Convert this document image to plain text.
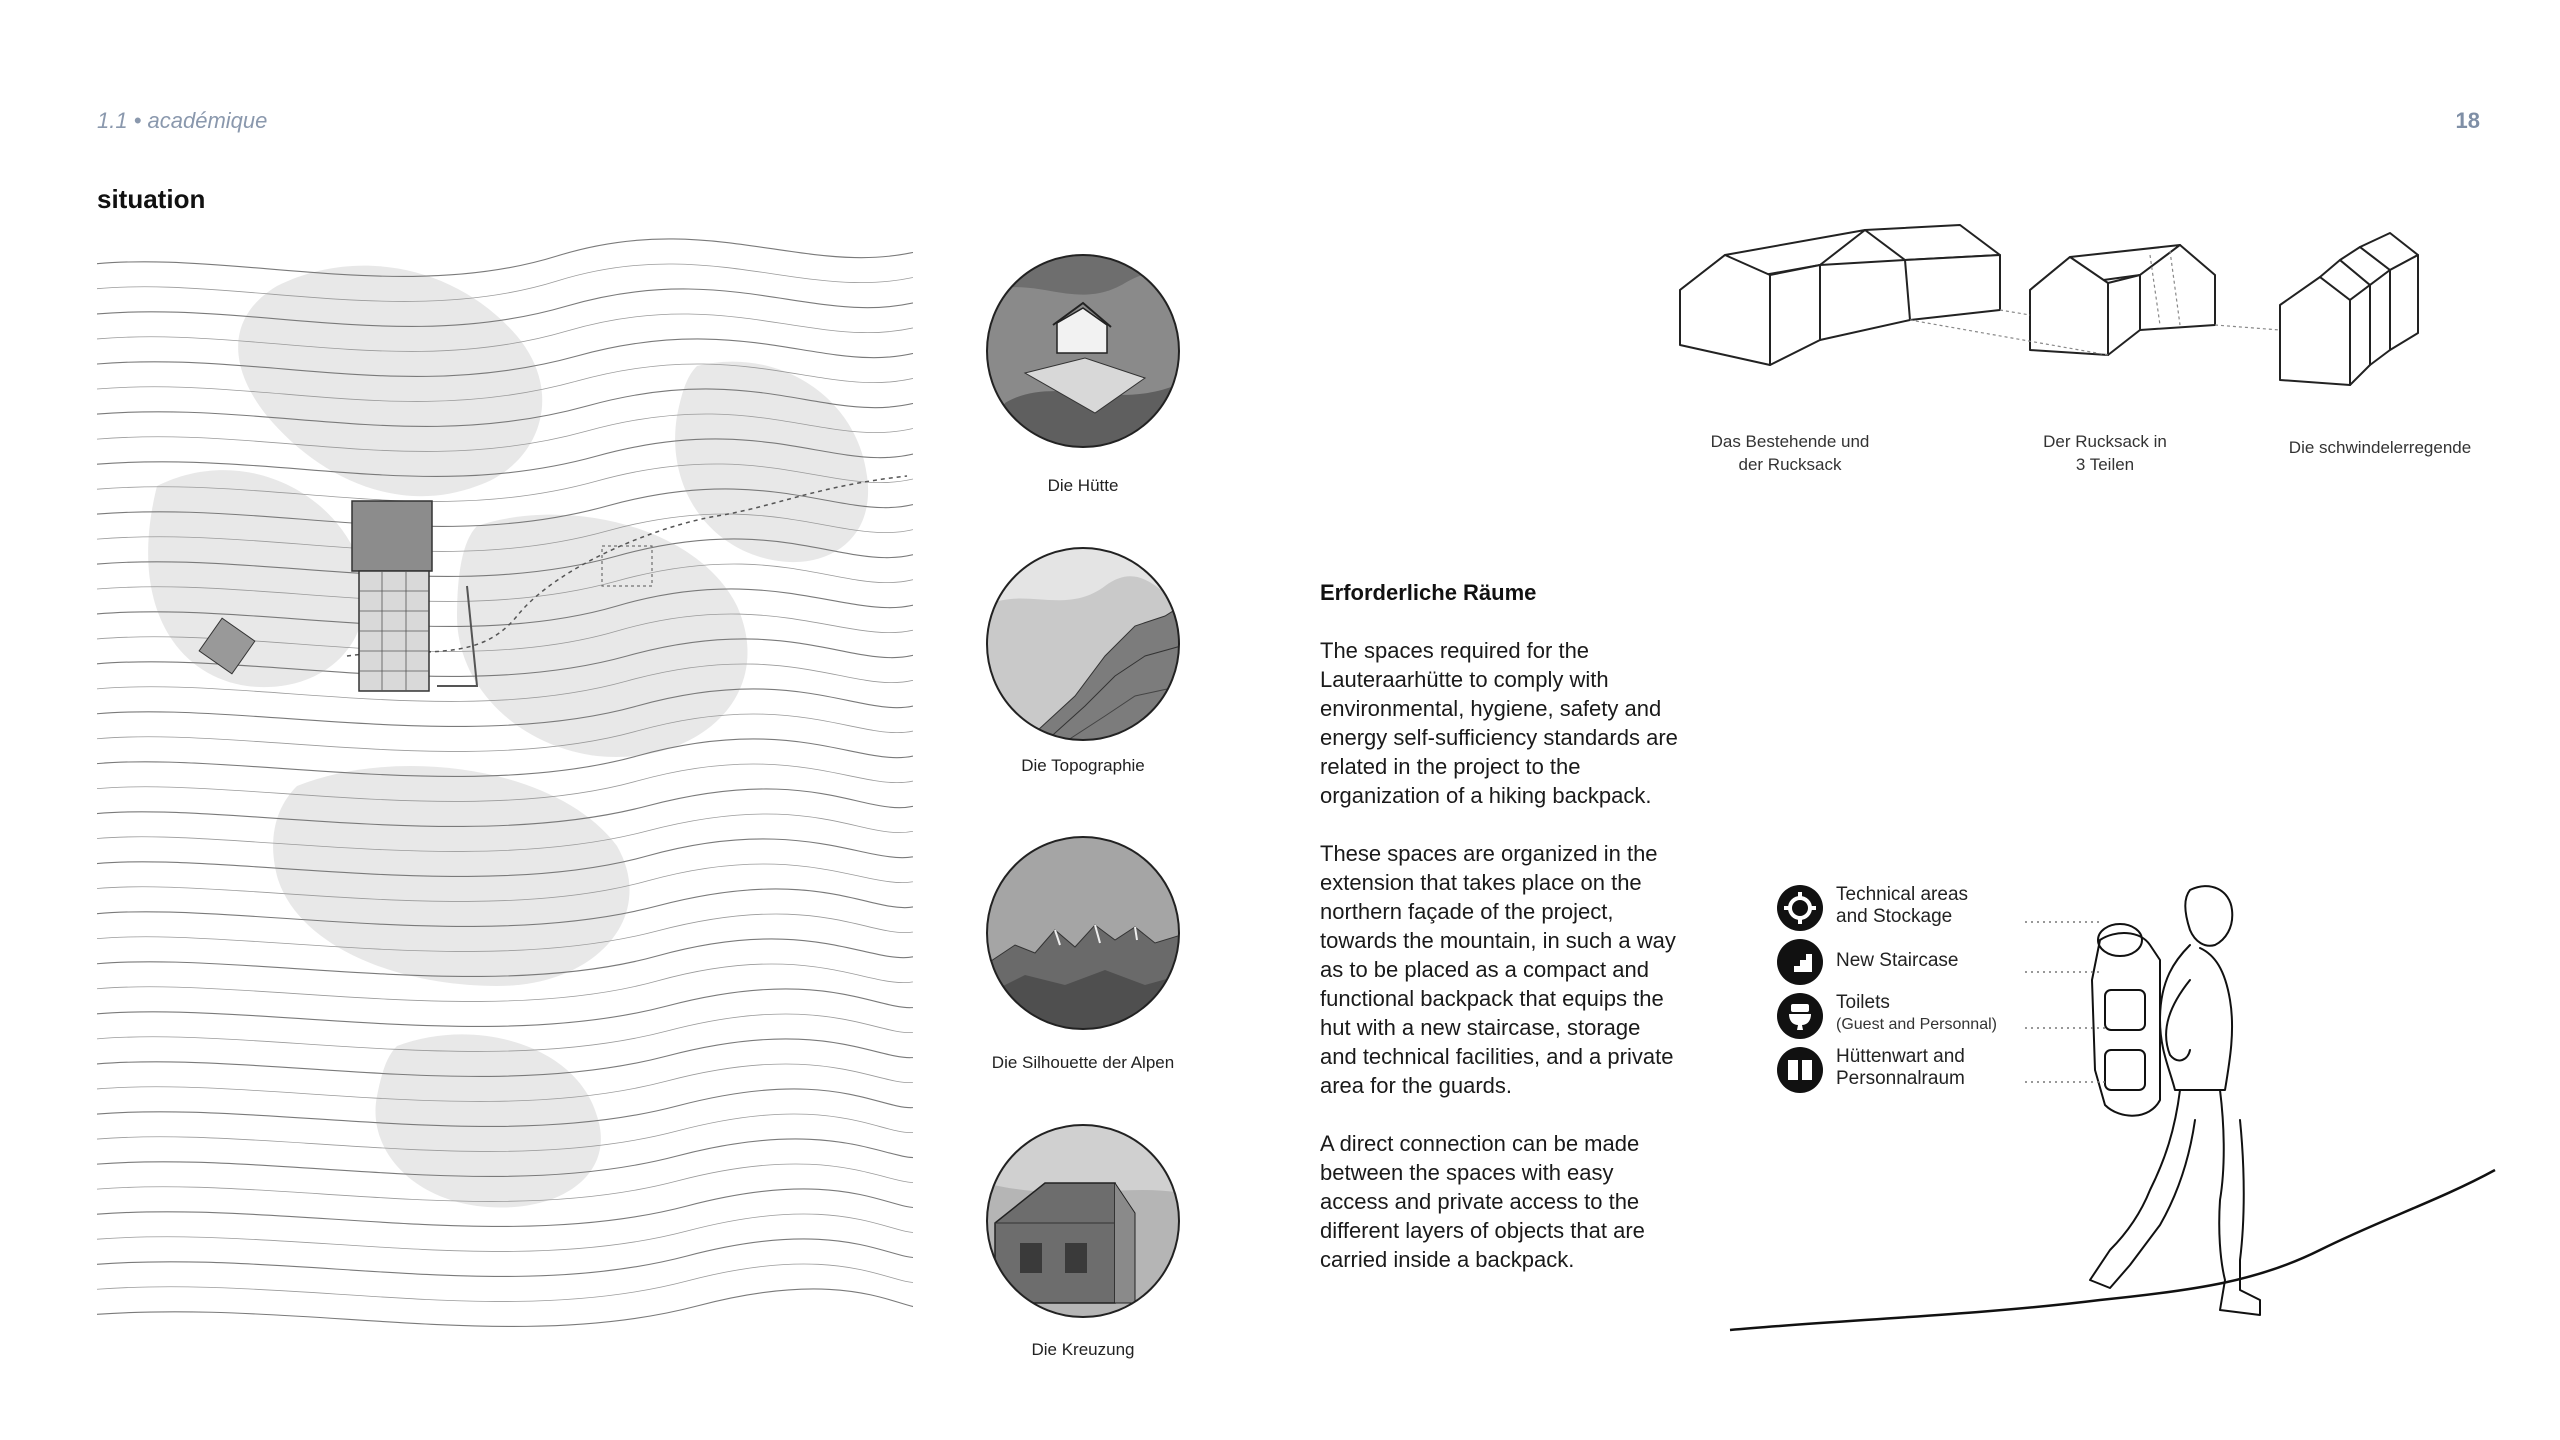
1.1 • académique	18
situation
Die Hütte
Die Topographie
Die Silhouette der Alpen
Die Kreuzung
Erforderliche Räume

The spaces required for the Lauteraarhütte to comply with environmental, hygiene, safety and energy self-sufficiency standards are related in the project to the organization of a hiking backpack.

These spaces are organized in the extension that takes place on the northern façade of the project, towards the mountain, in such a way as to be placed as a compact and functional backpack that equips the hut with a new staircase, storage and technical facilities, and a private area for the guards.

A direct connection can be made between the spaces with easy access and private access to the different layers of objects that are carried inside a backpack.

Das Bestehende und
der Rucksack
Der Rucksack in
3 Teilen
Die schwindelerregende
Technical areas
and Stockage
New Staircase
Toilets

(Guest and Personnal)
Hüttenwart and
Personnalraum
